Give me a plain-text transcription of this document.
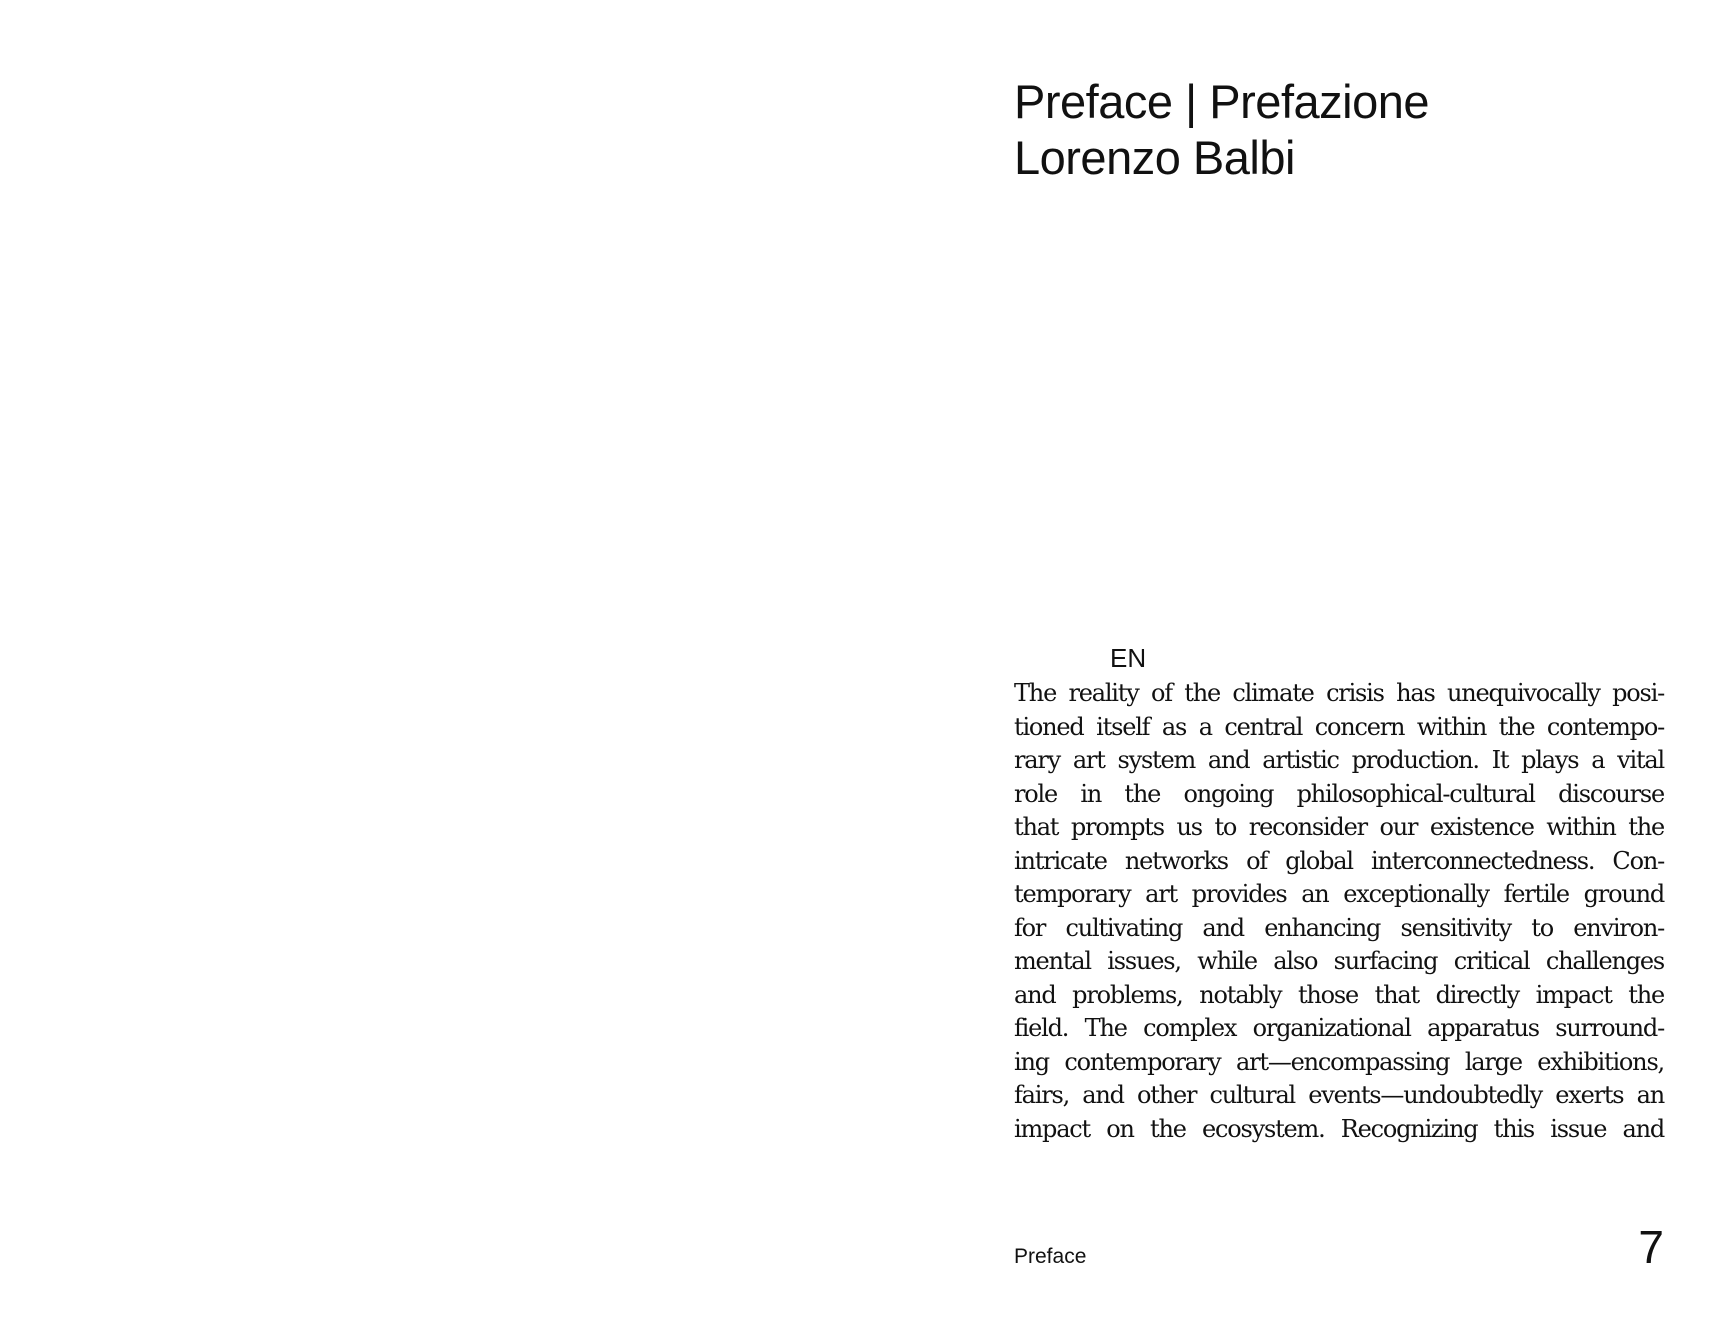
Preface | Prefazione
Lorenzo Balbi
EN
The reality of the climate crisis has unequivocally posi-
tioned itself as a central concern within the contempo-
rary art system and artistic production. It plays a vital
role in the ongoing philosophical-cultural discourse
that prompts us to reconsider our existence within the
intricate networks of global interconnectedness. Con-
temporary art provides an exceptionally fertile ground
for cultivating and enhancing sensitivity to environ-
mental issues, while also surfacing critical challenges
and problems, notably those that directly impact the
field. The complex organizational apparatus surround-
ing contemporary art—encompassing large exhibitions,
fairs, and other cultural events—undoubtedly exerts an
impact on the ecosystem. Recognizing this issue and
Preface	7
